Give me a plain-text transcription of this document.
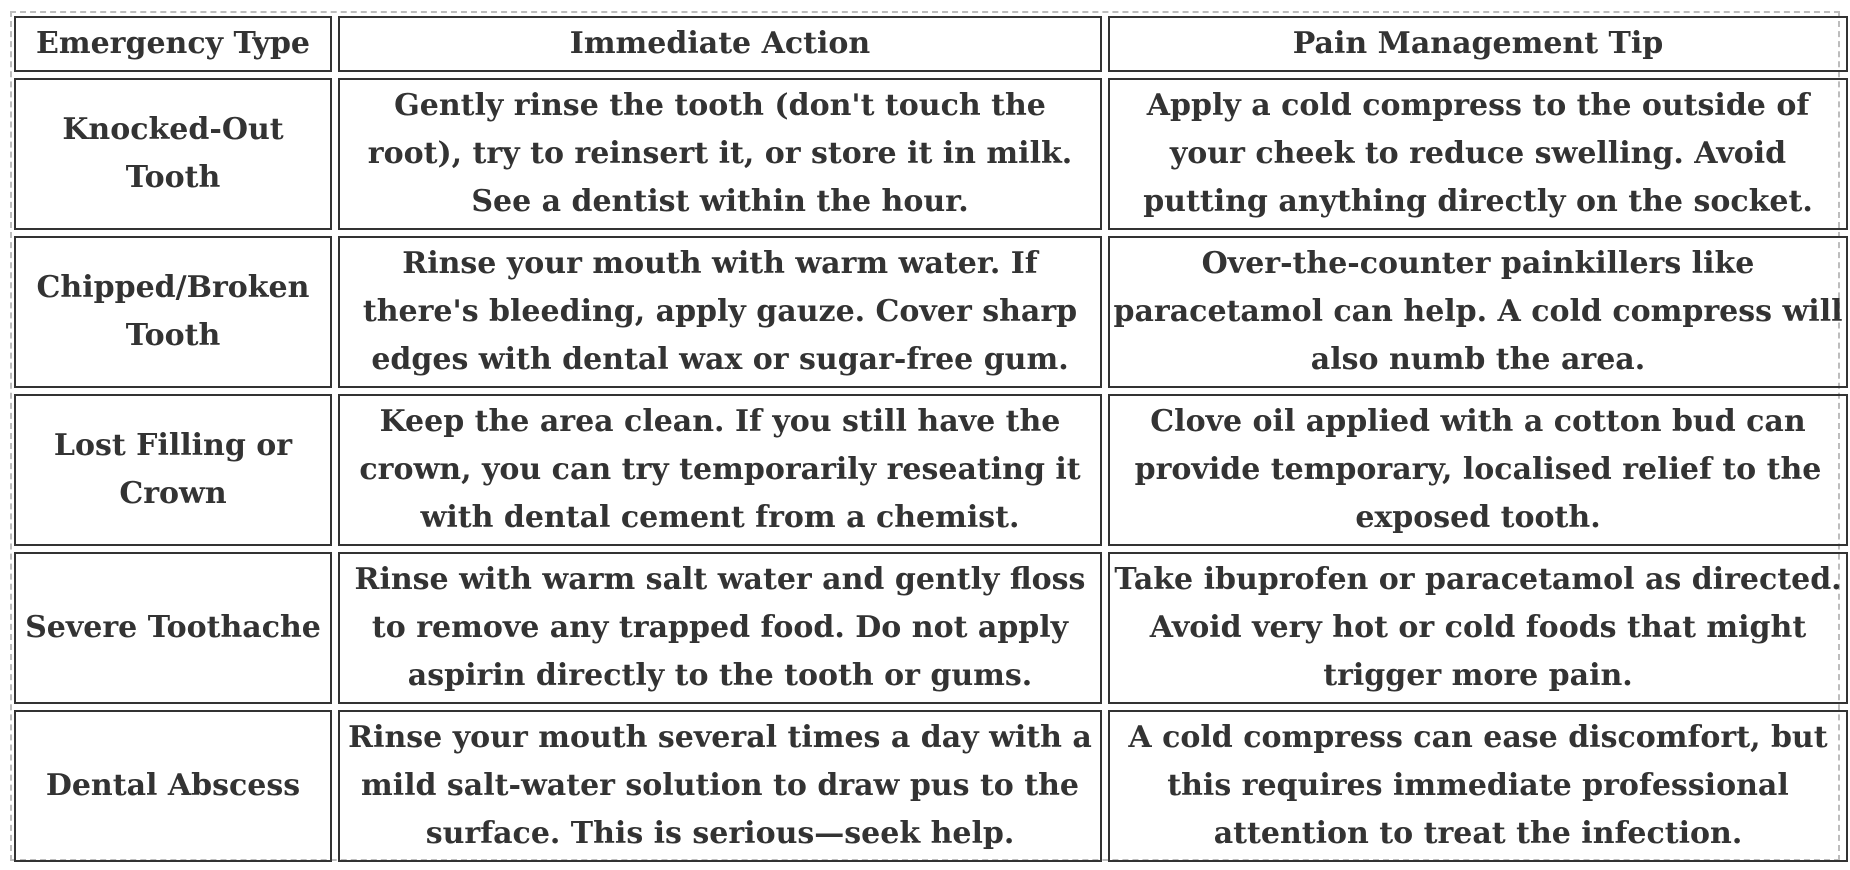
Emergency Type	Immediate Action	Pain Management Tip
Knocked-Out Tooth	Gently rinse the tooth (don't touch the root), try to reinsert it, or store it in milk. See a dentist within the hour.	Apply a cold compress to the outside of your cheek to reduce swelling. Avoid putting anything directly on the socket.
Chipped/Broken Tooth	Rinse your mouth with warm water. If there's bleeding, apply gauze. Cover sharp edges with dental wax or sugar-free gum.	Over-the-counter painkillers like paracetamol can help. A cold compress will also numb the area.
Lost Filling or Crown	Keep the area clean. If you still have the crown, you can try temporarily reseating it with dental cement from a chemist.	Clove oil applied with a cotton bud can provide temporary, localised relief to the exposed tooth.
Severe Toothache	Rinse with warm salt water and gently floss to remove any trapped food. Do not apply aspirin directly to the tooth or gums.	Take ibuprofen or paracetamol as directed. Avoid very hot or cold foods that might trigger more pain.
Dental Abscess	Rinse your mouth several times a day with a mild salt-water solution to draw pus to the surface. This is serious—seek help.	A cold compress can ease discomfort, but this requires immediate professional attention to treat the infection.
